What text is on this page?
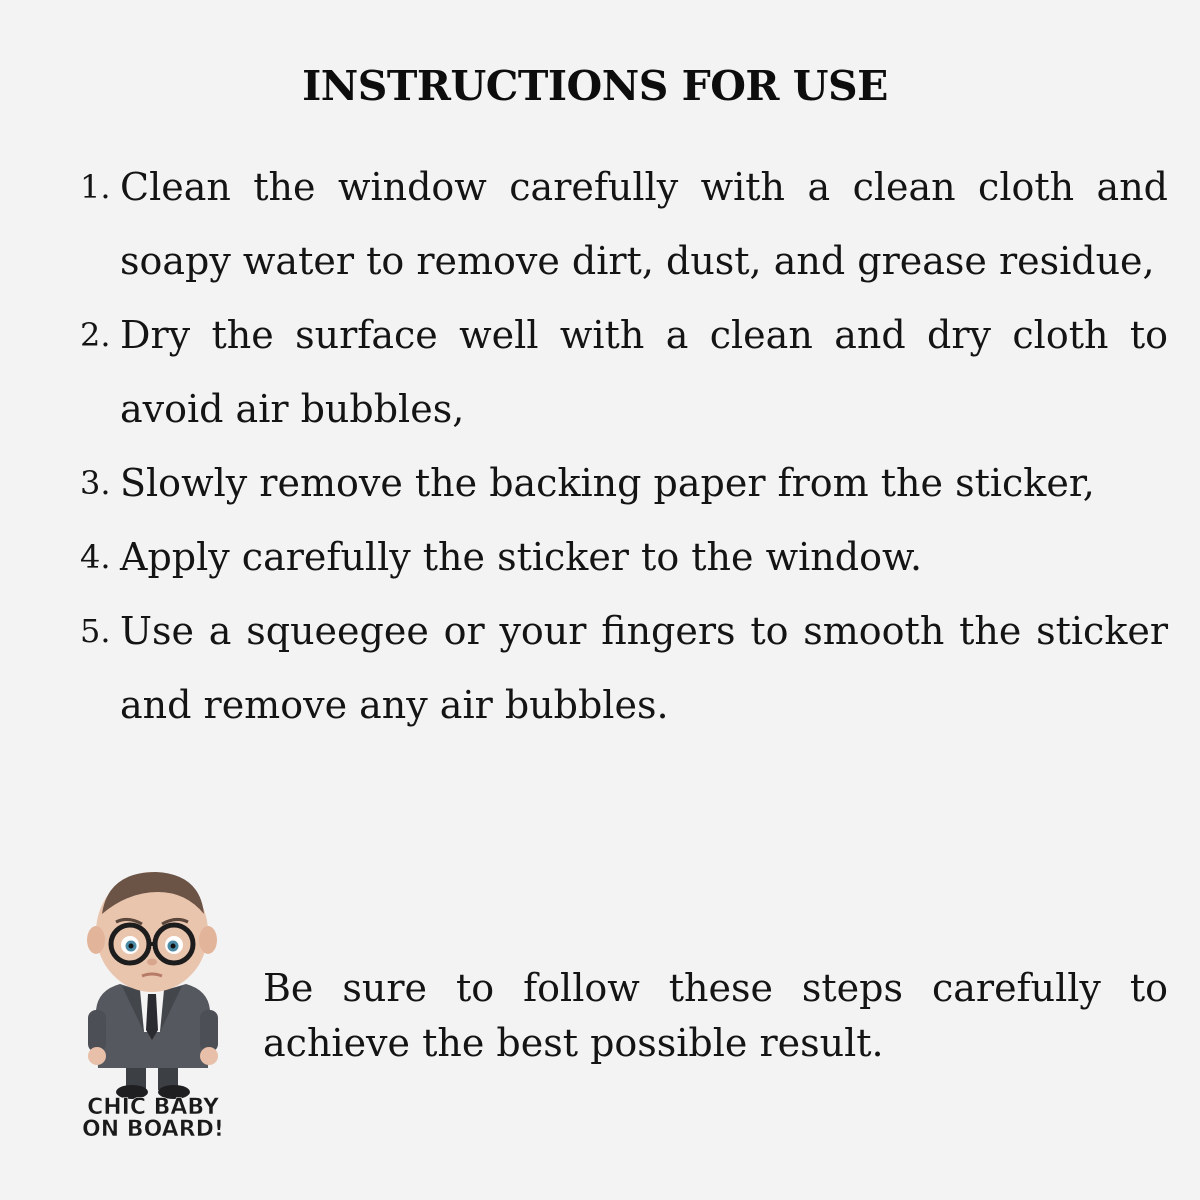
INSTRUCTIONS FOR USE
1. Clean the window carefully with a clean cloth and soapy water to remove dirt, dust, and grease residue,
2. Dry the surface well with a clean and dry cloth to avoid air bubbles,
3. Slowly remove the backing paper from the sticker,
4. Apply carefully the sticker to the window.
5. Use a squeegee or your fingers to smooth the sticker and remove any air bubbles.
CHIC BABY
ON BOARD!

Be sure to follow these steps carefully to achieve the best possible result.
